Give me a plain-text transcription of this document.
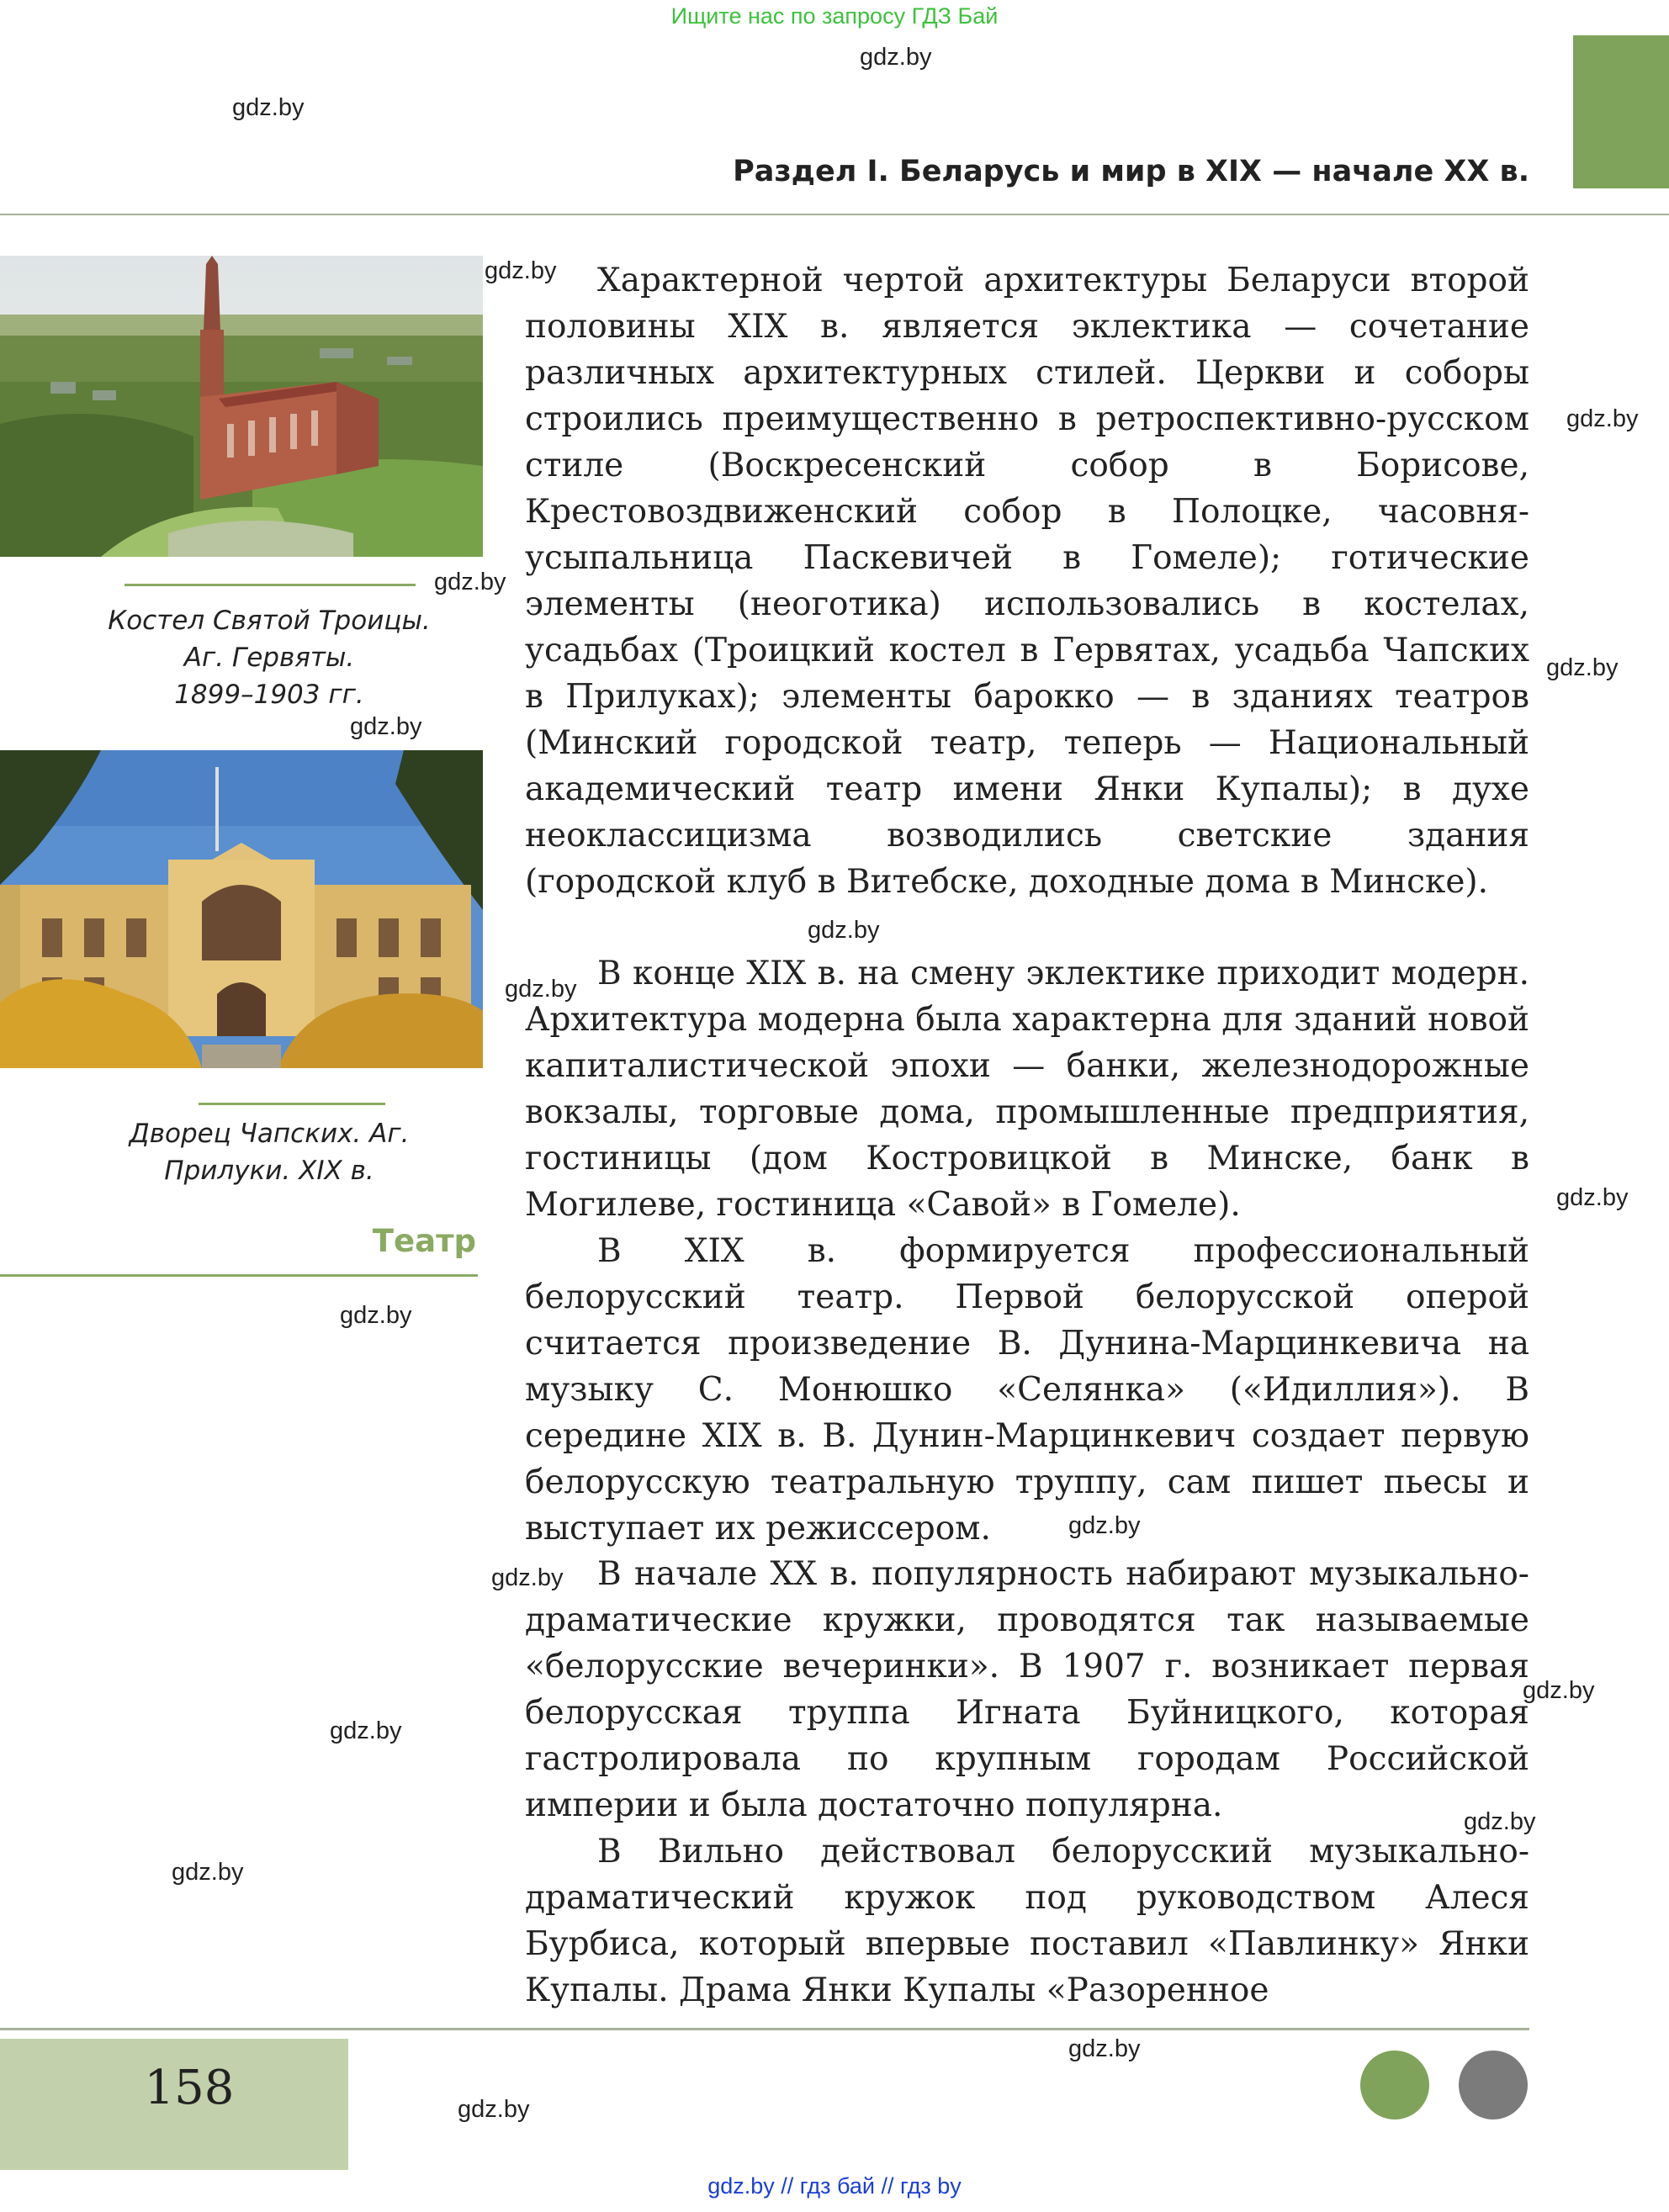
Ищите нас по запросу ГДЗ Бай
gdz.by
gdz.by
gdz.by
gdz.by
gdz.by
gdz.by
gdz.by
gdz.by
gdz.by
gdz.by
gdz.by
gdz.by
gdz.by
gdz.by
gdz.by
gdz.by
gdz.by
gdz.by
gdz.by
Раздел I. Беларусь и мир в XIX — начале XX в.
Костел Святой Троицы.
Аг. Гервяты.
1899–1903 гг.
Дворец Чапских. Аг.
Прилуки. XIX в.
Театр

Характерной чертой архитектуры Беларуси второй половины XIX в. является эклектика — сочетание различных архитектурных стилей. Церкви и соборы строились преимущественно в ретроспективно-русском стиле (Воскресенский собор в Борисове, Крестовоздвиженский собор в Полоцке, часовня-усыпальница Паскевичей в Гомеле); готические элементы (неоготика) использовались в костелах, усадьбах (Троицкий костел в Гервятах, усадьба Чапских в Прилуках); элементы барокко — в зданиях театров (Минский городской театр, теперь — Национальный академический театр имени Янки Купалы); в духе неоклассицизма возводились светские здания (городской клуб в Витебске, доходные дома в Минске).

В конце XIX в. на смену эклектике приходит модерн. Архитектура модерна была характерна для зданий новой капиталистической эпохи — банки, железнодорожные вокзалы, торговые дома, промышленные предприятия, гостиницы (дом Костровицкой в Минске, банк в Могилеве, гостиница «Савой» в Гомеле).

В XIX в. формируется профессиональный белорусский театр. Первой белорусской оперой считается произведение В. Дунина-Марцинкевича на музыку С. Монюшко «Селянка» («Идиллия»). В середине XIX в. В. Дунин-Марцинкевич создает первую белорусскую театральную труппу, сам пишет пьесы и выступает их режиссером.

В начале XX в. популярность набирают музыкально-драматические кружки, проводятся так называемые «белорусские вечеринки». В 1907 г. возникает первая белорусская труппа Игната Буйницкого, которая гастролировала по крупным городам Российской империи и была достаточно популярна.

В Вильно действовал белорусский музыкально-драматический кружок под руководством Алеся Бурбиса, который впервые поставил «Павлинку» Янки Купалы. Драма Янки Купалы «Разоренное

158
gdz.by // гдз бай // гдз by
